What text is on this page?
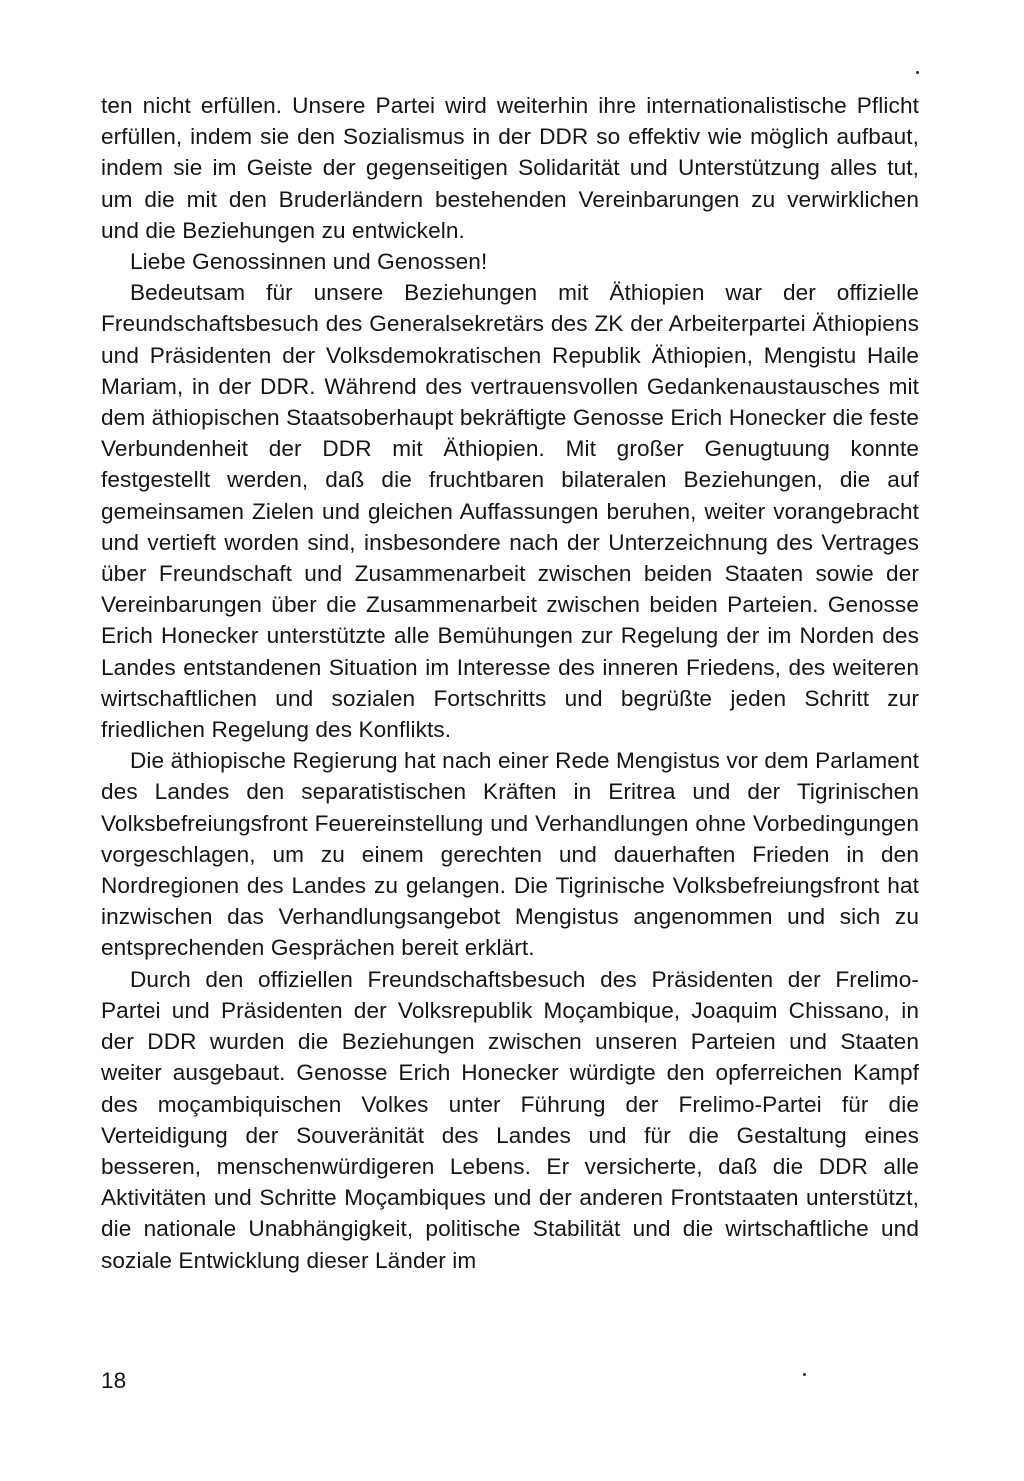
ten nicht erfüllen. Unsere Partei wird weiterhin ihre internationalistische Pflicht erfüllen, indem sie den Sozialismus in der DDR so effektiv wie möglich aufbaut, indem sie im Geiste der gegenseitigen Solidarität und Unterstützung alles tut, um die mit den Bruderländern bestehenden Vereinbarungen zu verwirklichen und die Beziehungen zu entwickeln.

Liebe Genossinnen und Genossen!

Bedeutsam für unsere Beziehungen mit Äthiopien war der offizielle Freundschaftsbesuch des Generalsekretärs des ZK der Arbeiterpartei Äthiopiens und Präsidenten der Volksdemokratischen Republik Äthiopien, Mengistu Haile Mariam, in der DDR. Während des vertrauensvollen Gedankenaustausches mit dem äthiopischen Staatsoberhaupt bekräftigte Genosse Erich Honecker die feste Verbundenheit der DDR mit Äthiopien. Mit großer Genugtuung konnte festgestellt werden, daß die fruchtbaren bilateralen Beziehungen, die auf gemeinsamen Zielen und gleichen Auffassungen beruhen, weiter vorangebracht und vertieft worden sind, insbesondere nach der Unterzeichnung des Vertrages über Freundschaft und Zusammenarbeit zwischen beiden Staaten sowie der Vereinbarungen über die Zusammenarbeit zwischen beiden Parteien. Genosse Erich Honecker unterstützte alle Bemühungen zur Regelung der im Norden des Landes entstandenen Situation im Interesse des inneren Friedens, des weiteren wirtschaftlichen und sozialen Fortschritts und begrüßte jeden Schritt zur friedlichen Regelung des Konflikts.

Die äthiopische Regierung hat nach einer Rede Mengistus vor dem Parlament des Landes den separatistischen Kräften in Eritrea und der Tigrinischen Volksbefreiungsfront Feuereinstellung und Verhandlungen ohne Vorbedingungen vorgeschlagen, um zu einem gerechten und dauerhaften Frieden in den Nordregionen des Landes zu gelangen. Die Tigrinische Volksbefreiungsfront hat inzwischen das Verhandlungsangebot Mengistus angenommen und sich zu entsprechenden Gesprächen bereit erklärt.

Durch den offiziellen Freundschaftsbesuch des Präsidenten der Frelimo-Partei und Präsidenten der Volksrepublik Moçambique, Joaquim Chissano, in der DDR wurden die Beziehungen zwischen unseren Parteien und Staaten weiter ausgebaut. Genosse Erich Honecker würdigte den opferreichen Kampf des moçambiquischen Volkes unter Führung der Frelimo-Partei für die Verteidigung der Souveränität des Landes und für die Gestaltung eines besseren, menschenwürdigeren Lebens. Er versicherte, daß die DDR alle Aktivitäten und Schritte Moçambiques und der anderen Frontstaaten unterstützt, die nationale Unabhängigkeit, politische Stabilität und die wirtschaftliche und soziale Entwicklung dieser Länder im

18
